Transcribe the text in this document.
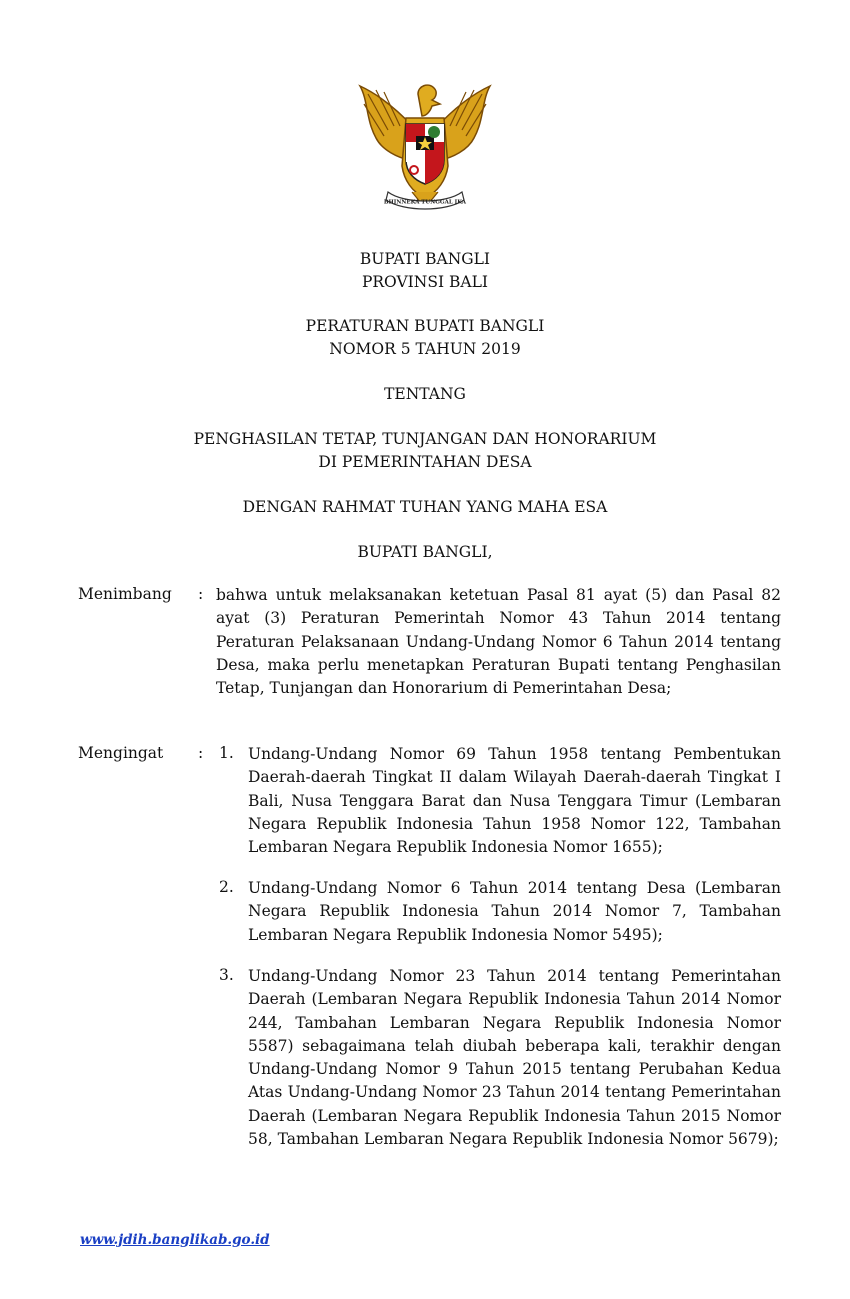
BHINNEKA TUNGGAL IKA
BUPATI BANGLI
PROVINSI BALI
PERATURAN BUPATI BANGLI
NOMOR 5 TAHUN 2019
TENTANG
PENGHASILAN TETAP, TUNJANGAN DAN HONORARIUM
DI PEMERINTAHAN DESA
DENGAN RAHMAT TUHAN YANG MAHA ESA
BUPATI BANGLI,
Menimbang : bahwa untuk melaksanakan ketetuan Pasal 81 ayat (5) dan Pasal 82 ayat (3) Peraturan Pemerintah Nomor 43 Tahun 2014 tentang Peraturan Pelaksanaan Undang-Undang Nomor 6 Tahun 2014 tentang Desa, maka perlu menetapkan Peraturan Bupati tentang Penghasilan Tetap, Tunjangan dan Honorarium di Pemerintahan Desa;
Mengingat : 1. Undang-Undang Nomor 69 Tahun 1958 tentang Pembentukan Daerah-daerah Tingkat II dalam Wilayah Daerah-daerah Tingkat I Bali, Nusa Tenggara Barat dan Nusa Tenggara Timur (Lembaran Negara Republik Indonesia Tahun 1958 Nomor 122, Tambahan Lembaran Negara Republik Indonesia Nomor 1655);
2. Undang-Undang Nomor 6 Tahun 2014 tentang Desa (Lembaran Negara Republik Indonesia Tahun 2014 Nomor 7, Tambahan Lembaran Negara Republik Indonesia Nomor 5495);
3. Undang-Undang Nomor 23 Tahun 2014 tentang Pemerintahan Daerah (Lembaran Negara Republik Indonesia Tahun 2014 Nomor 244, Tambahan Lembaran Negara Republik Indonesia Nomor 5587) sebagaimana telah diubah beberapa kali, terakhir dengan Undang-Undang Nomor 9 Tahun 2015 tentang Perubahan Kedua Atas Undang-Undang Nomor 23 Tahun 2014 tentang Pemerintahan Daerah (Lembaran Negara Republik Indonesia Tahun 2015 Nomor 58, Tambahan Lembaran Negara Republik Indonesia Nomor 5679);
www.jdih.banglikab.go.id
